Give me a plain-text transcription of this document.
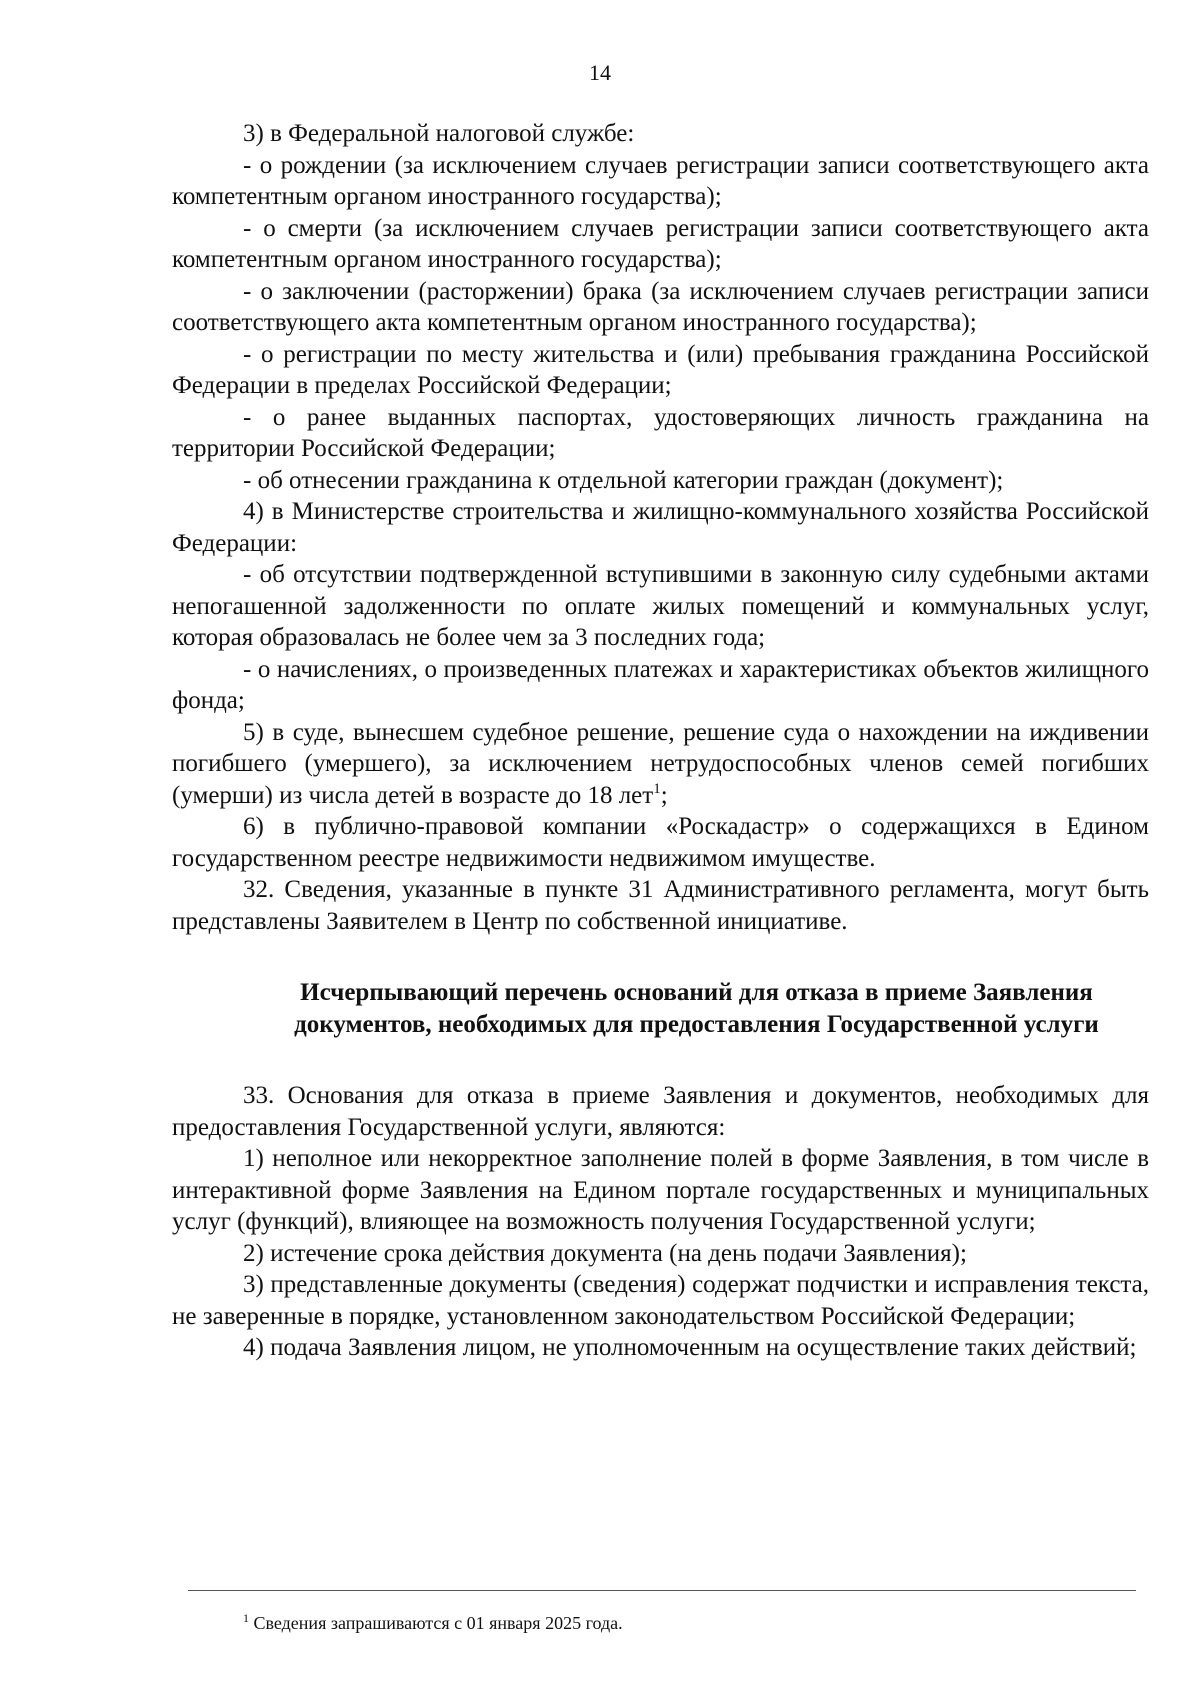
14

3) в Федеральной налоговой службе:

- о рождении (за исключением случаев регистрации записи соответствующего акта компетентным органом иностранного государства);

- о смерти (за исключением случаев регистрации записи соответствующего акта компетентным органом иностранного государства);

- о заключении (расторжении) брака (за исключением случаев регистрации записи соответствующего акта компетентным органом иностранного государства);

- о регистрации по месту жительства и (или) пребывания гражданина Российской Федерации в пределах Российской Федерации;

- о ранее выданных паспортах, удостоверяющих личность гражданина на территории Российской Федерации;

- об отнесении гражданина к отдельной категории граждан (документ);

4) в Министерстве строительства и жилищно-коммунального хозяйства Российской Федерации:

- об отсутствии подтвержденной вступившими в законную силу судебными актами непогашенной задолженности по оплате жилых помещений и коммунальных услуг, которая образовалась не более чем за 3 последних года;

- о начислениях, о произведенных платежах и характеристиках объектов жилищного фонда;

5) в суде, вынесшем судебное решение, решение суда о нахождении на иждивении погибшего (умершего), за исключением нетрудоспособных членов семей погибших (умерши) из числа детей в возрасте до 18 лет$^1$;

6) в публично-правовой компании «Роскадастр» о содержащихся в Едином государственном реестре недвижимости недвижимом имуществе.

32. Сведения, указанные в пункте 31 Административного регламента, могут быть представлены Заявителем в Центр по собственной инициативе.

Исчерпывающий перечень оснований для отказа в приеме Заявления документов, необходимых для предоставления Государственной услуги

33. Основания для отказа в приеме Заявления и документов, необходимых для предоставления Государственной услуги, являются:

1) неполное или некорректное заполнение полей в форме Заявления, в том числе в интерактивной форме Заявления на Едином портале государственных и муниципальных услуг (функций), влияющее на возможность получения Государственной услуги;

2) истечение срока действия документа (на день подачи Заявления);

3) представленные документы (сведения) содержат подчистки и исправления текста, не заверенные в порядке, установленном законодательством Российской Федерации;

4) подача Заявления лицом, не уполномоченным на осуществление таких действий;

$^1$ Сведения запрашиваются с 01 января 2025 года.
